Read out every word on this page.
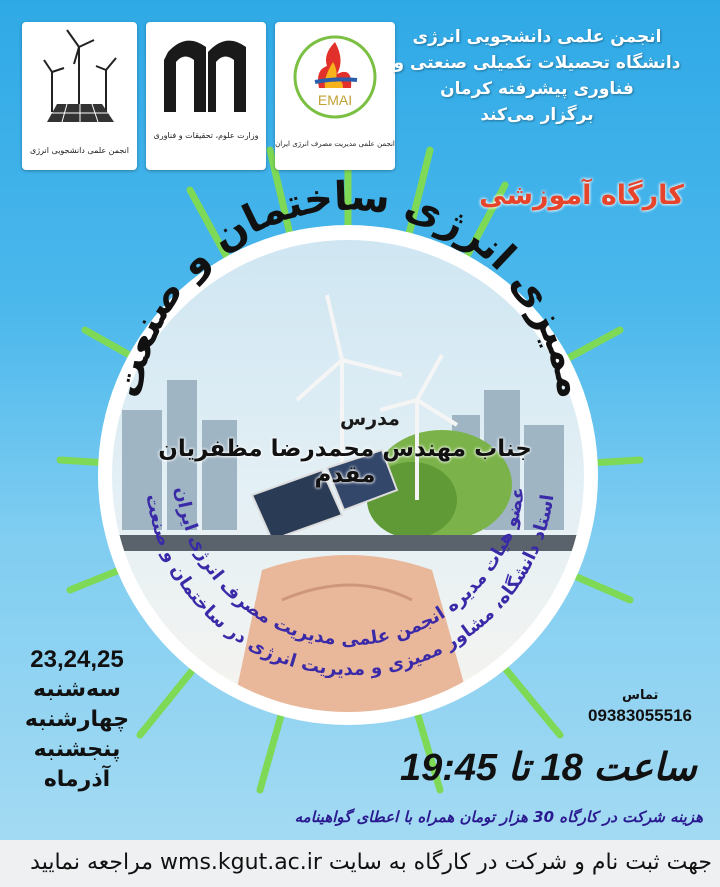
انجمن علمی دانشجویی انرژی
وزارت علوم، تحقیقات و فناوری
EMAI
انجمن علمی مدیریت مصرف انرژی ایران
انجمن علمی دانشجویی انرژی
دانشگاه تحصیلات تکمیلی صنعتی و
فناوری پیشرفته کرمان
برگزار می‌کند
کارگاه آموزشی
ممیزی انرژی ساختمان و صنعت
عضو هیات مدیره انجمن علمی مدیریت مصرف انرژی ایران
استاد دانشگاه، مشاور ممیزی و مدیریت انرژی در ساختمان و صنعت
مدرس
جناب مهندس محمدرضا مظفریان مقدم
23,24,25
سه‌شنبه
چهارشنبه
پنجشنبه
آذرماه
تماس
09383055516
ساعت 18 تا 19:45
هزینه شرکت در کارگاه 30 هزار تومان همراه با اعطای گواهینامه
جهت ثبت نام و شرکت در کارگاه به سایت wms.kgut.ac.ir مراجعه نمایید
